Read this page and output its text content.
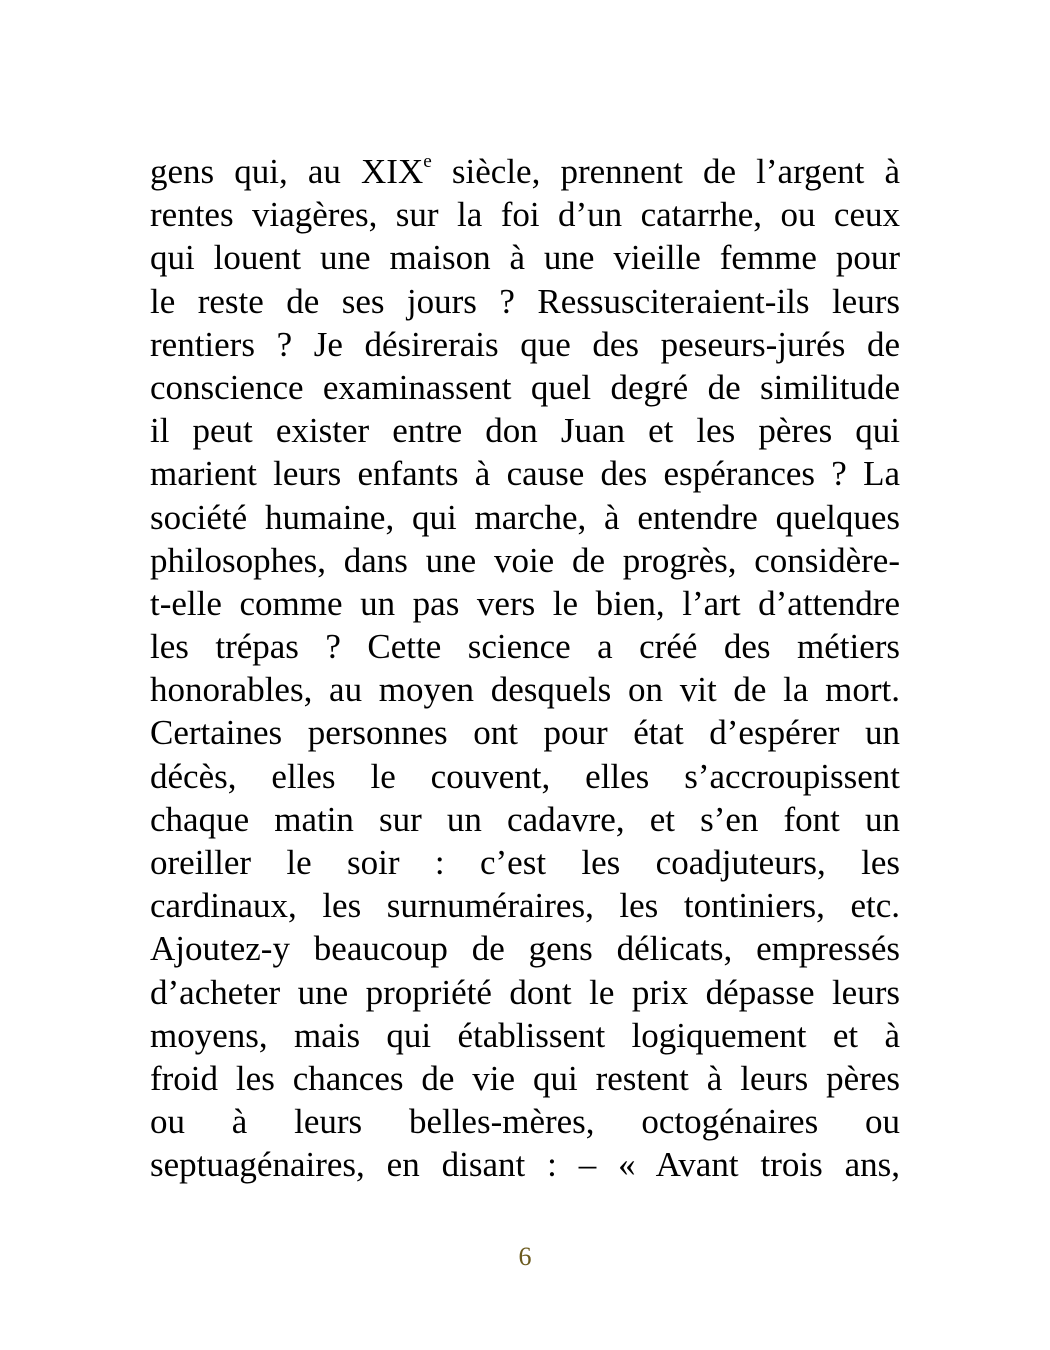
gens qui, au XIXe siècle, prennent de l’argent à
rentes viagères, sur la foi d’un catarrhe, ou ceux
qui louent une maison à une vieille femme pour
le reste de ses jours ? Ressusciteraient-ils leurs
rentiers ? Je désirerais que des peseurs-jurés de
conscience examinassent quel degré de similitude
il peut exister entre don Juan et les pères qui
marient leurs enfants à cause des espérances ? La
société humaine, qui marche, à entendre quelques
philosophes, dans une voie de progrès, considère-
t-elle comme un pas vers le bien, l’art d’attendre
les trépas ? Cette science a créé des métiers
honorables, au moyen desquels on vit de la mort.
Certaines personnes ont pour état d’espérer un
décès, elles le couvent, elles s’accroupissent
chaque matin sur un cadavre, et s’en font un
oreiller le soir : c’est les coadjuteurs, les
cardinaux, les surnuméraires, les tontiniers, etc.
Ajoutez-y beaucoup de gens délicats, empressés
d’acheter une propriété dont le prix dépasse leurs
moyens, mais qui établissent logiquement et à
froid les chances de vie qui restent à leurs pères
ou à leurs belles-mères, octogénaires ou
septuagénaires, en disant : – « Avant trois ans,
6
